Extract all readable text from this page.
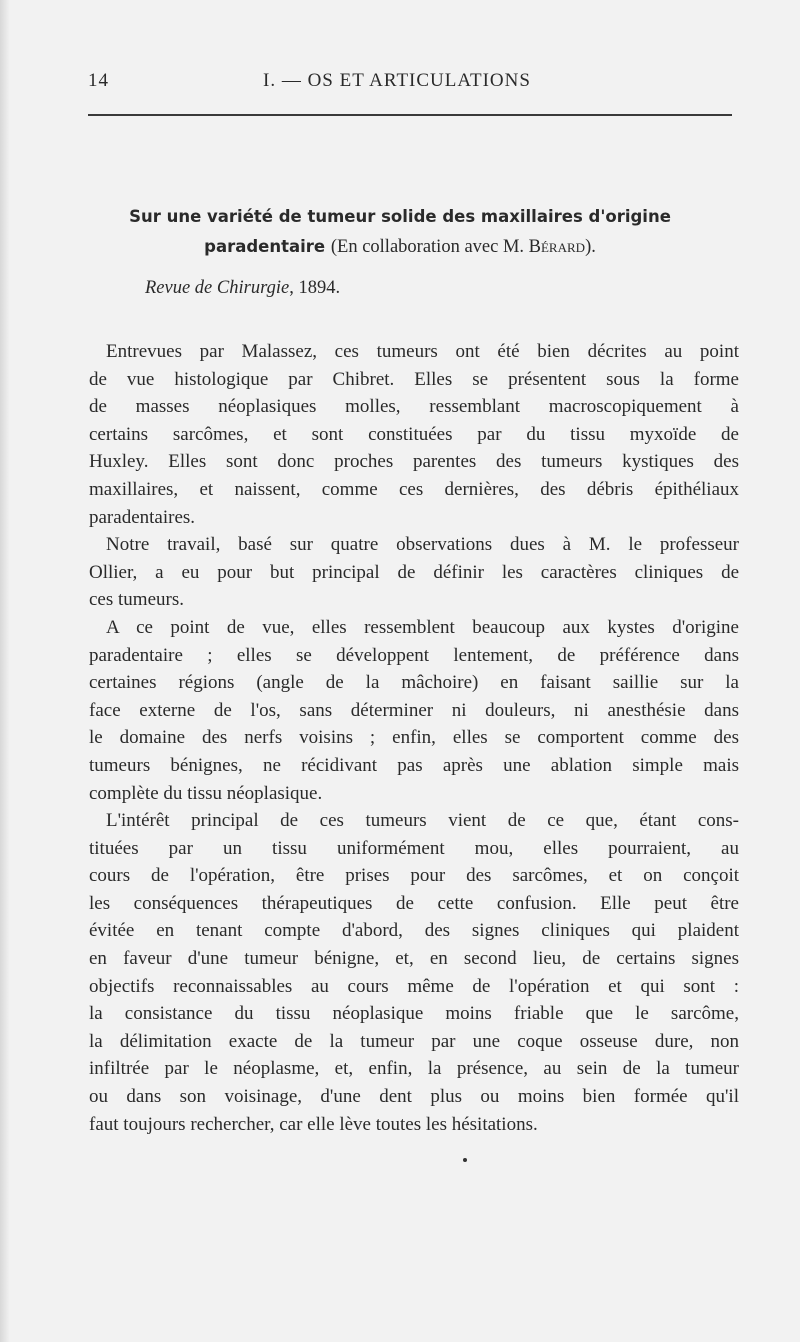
14	I. — OS ET ARTICULATIONS
Sur une variété de tumeur solide des maxillaires d'origine
paradentaire (En collaboration avec M. Bérard).
Revue de Chirurgie, 1894.
Entrevues par Malassez, ces tumeurs ont été bien décrites au point
de vue histologique par Chibret. Elles se présentent sous la forme
de masses néoplasiques molles, ressemblant macroscopiquement à
certains sarcômes, et sont constituées par du tissu myxoïde de
Huxley. Elles sont donc proches parentes des tumeurs kystiques des
maxillaires, et naissent, comme ces dernières, des débris épithéliaux
paradentaires.
Notre travail, basé sur quatre observations dues à M. le professeur
Ollier, a eu pour but principal de définir les caractères cliniques de
ces tumeurs.
A ce point de vue, elles ressemblent beaucoup aux kystes d'origine
paradentaire ; elles se développent lentement, de préférence dans
certaines régions (angle de la mâchoire) en faisant saillie sur la
face externe de l'os, sans déterminer ni douleurs, ni anesthésie dans
le domaine des nerfs voisins ; enfin, elles se comportent comme des
tumeurs bénignes, ne récidivant pas après une ablation simple mais
complète du tissu néoplasique.
L'intérêt principal de ces tumeurs vient de ce que, étant cons-
tituées par un tissu uniformément mou, elles pourraient, au
cours de l'opération, être prises pour des sarcômes, et on conçoit
les conséquences thérapeutiques de cette confusion. Elle peut être
évitée en tenant compte d'abord, des signes cliniques qui plaident
en faveur d'une tumeur bénigne, et, en second lieu, de certains signes
objectifs reconnaissables au cours même de l'opération et qui sont :
la consistance du tissu néoplasique moins friable que le sarcôme,
la délimitation exacte de la tumeur par une coque osseuse dure, non
infiltrée par le néoplasme, et, enfin, la présence, au sein de la tumeur
ou dans son voisinage, d'une dent plus ou moins bien formée qu'il
faut toujours rechercher, car elle lève toutes les hésitations.
